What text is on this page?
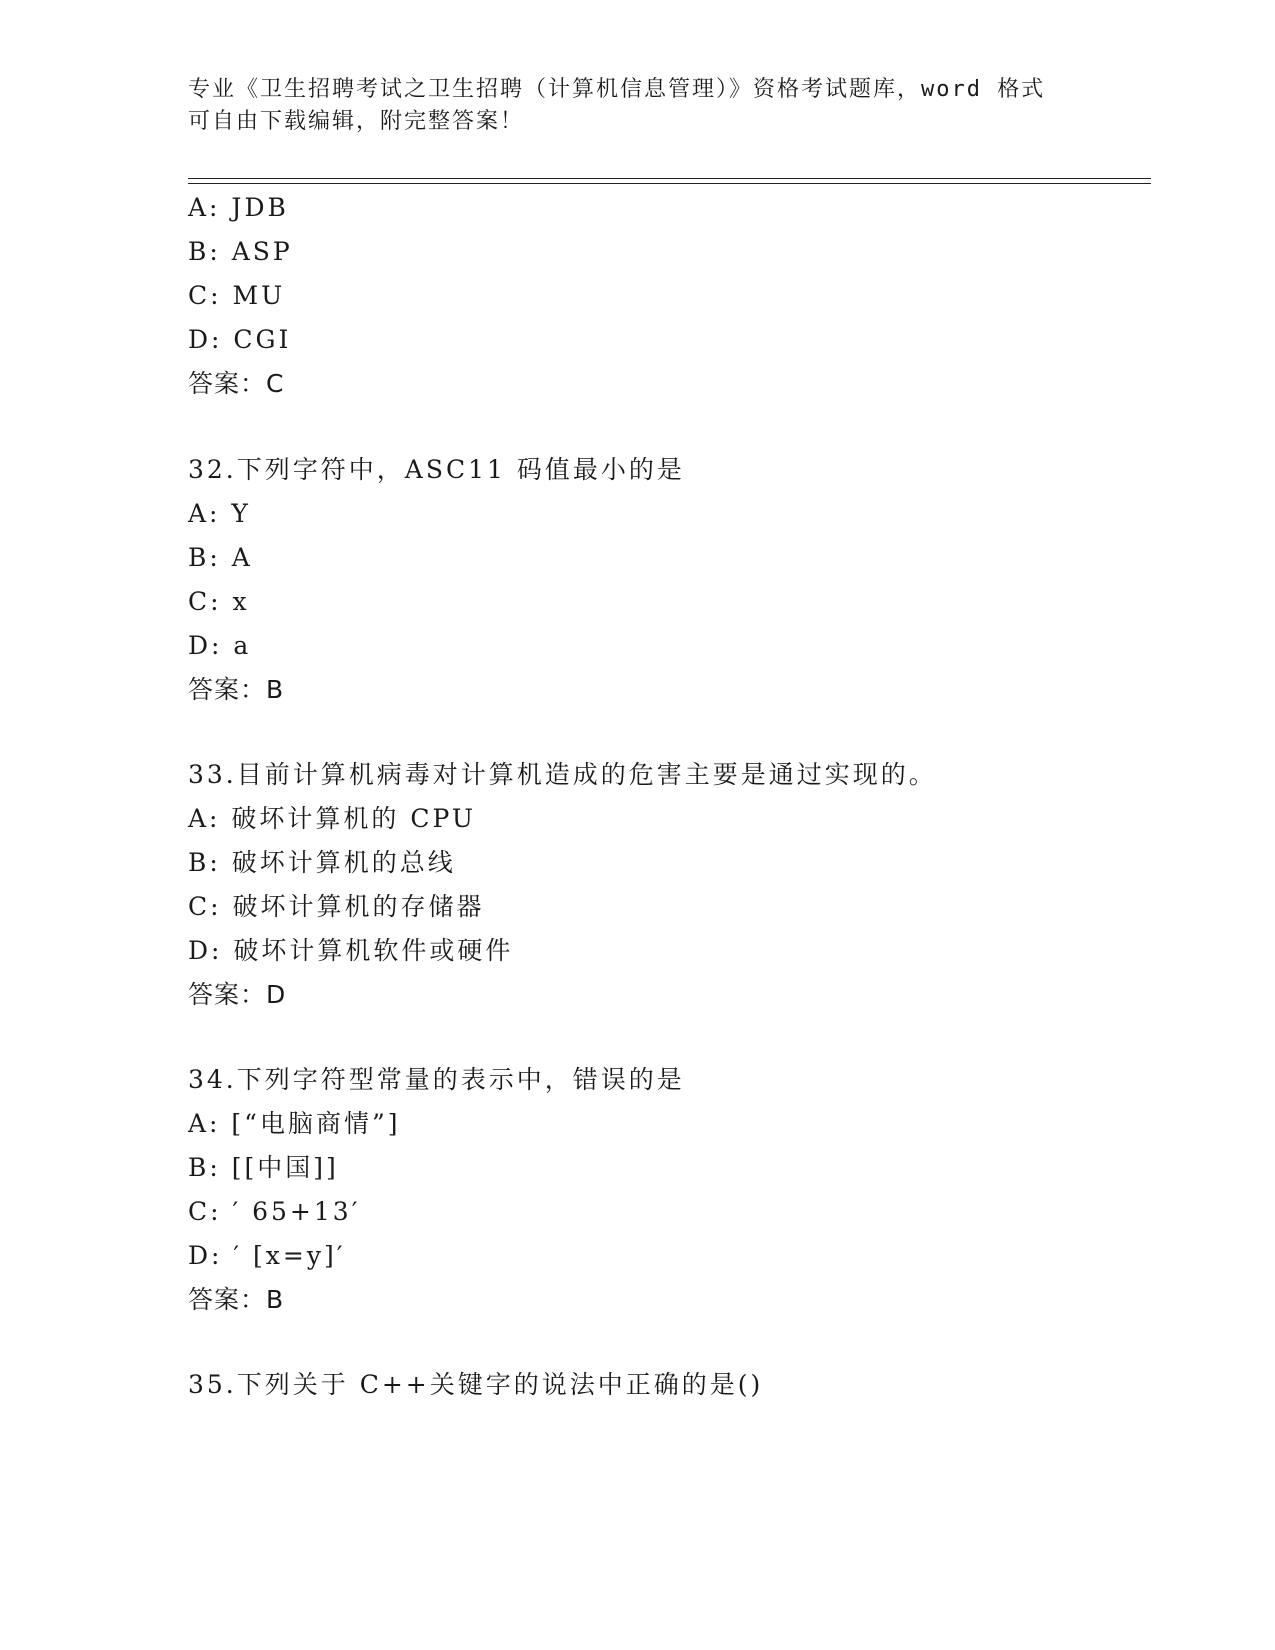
专业《卫生招聘考试之卫生招聘（计算机信息管理）》资格考试题库，word 格式
可自由下载编辑，附完整答案！
A: JDB
B: ASP
C: MU
D: CGI
答案：C
32.下列字符中，ASC11 码值最小的是
A: Y
B: A
C: x
D: a
答案：B
33.目前计算机病毒对计算机造成的危害主要是通过实现的。
A: 破坏计算机的 CPU
B: 破坏计算机的总线
C: 破坏计算机的存储器
D: 破坏计算机软件或硬件
答案：D
34.下列字符型常量的表示中，错误的是
A: [“电脑商情”]
B: [[中国]]
C: ′ 65+13′
D: ′ [x=y]′
答案：B
35.下列关于 C++关键字的说法中正确的是()
